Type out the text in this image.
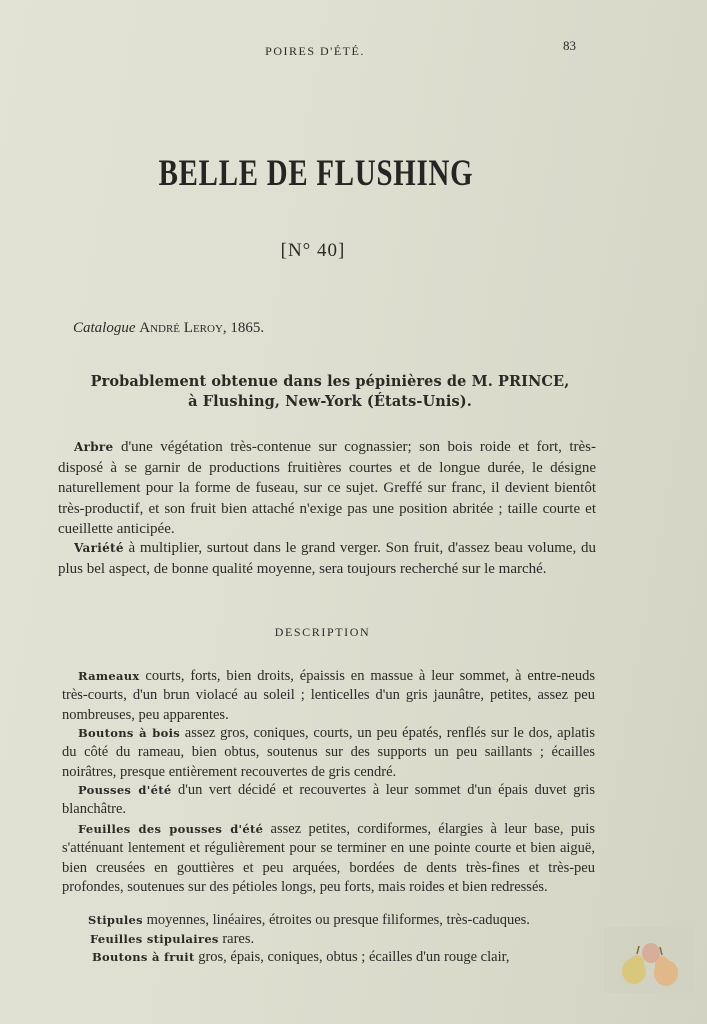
POIRES D'ÉTÉ.	83
BELLE DE FLUSHING
[N° 40]
Catalogue André Leroy, 1865.
Probablement obtenue dans les pépinières de M. PRINCE,
à Flushing, New-York (États-Unis).
Arbre d'une végétation très-contenue sur cognassier; son bois roide et fort, très-disposé à se garnir de productions fruitières courtes et de longue durée, le désigne naturellement pour la forme de fuseau, sur ce sujet. Greffé sur franc, il devient bientôt très-productif, et son fruit bien attaché n'exige pas une position abritée ; taille courte et cueillette anticipée.
Variété à multiplier, surtout dans le grand verger. Son fruit, d'assez beau volume, du plus bel aspect, de bonne qualité moyenne, sera toujours recherché sur le marché.
DESCRIPTION
Rameaux courts, forts, bien droits, épaissis en massue à leur sommet, à entre-neuds très-courts, d'un brun violacé au soleil ; lenticelles d'un gris jaunâtre, petites, assez peu nombreuses, peu apparentes.
Boutons à bois assez gros, coniques, courts, un peu épatés, renflés sur le dos, aplatis du côté du rameau, bien obtus, soutenus sur des supports un peu saillants ; écailles noirâtres, presque entièrement recouvertes de gris cendré.
Pousses d'été d'un vert décidé et recouvertes à leur sommet d'un épais duvet gris blanchâtre.
Feuilles des pousses d'été assez petites, cordiformes, élargies à leur base, puis s'atténuant lentement et régulièrement pour se terminer en une pointe courte et bien aiguë, bien creusées en gouttières et peu arquées, bordées de dents très-fines et très-peu profondes, soutenues sur des pétioles longs, peu forts, mais roides et bien redressés.
Stipules moyennes, linéaires, étroites ou presque filiformes, très-caduques.
Feuilles stipulaires rares.
Boutons à fruit gros, épais, coniques, obtus ; écailles d'un rouge clair,
